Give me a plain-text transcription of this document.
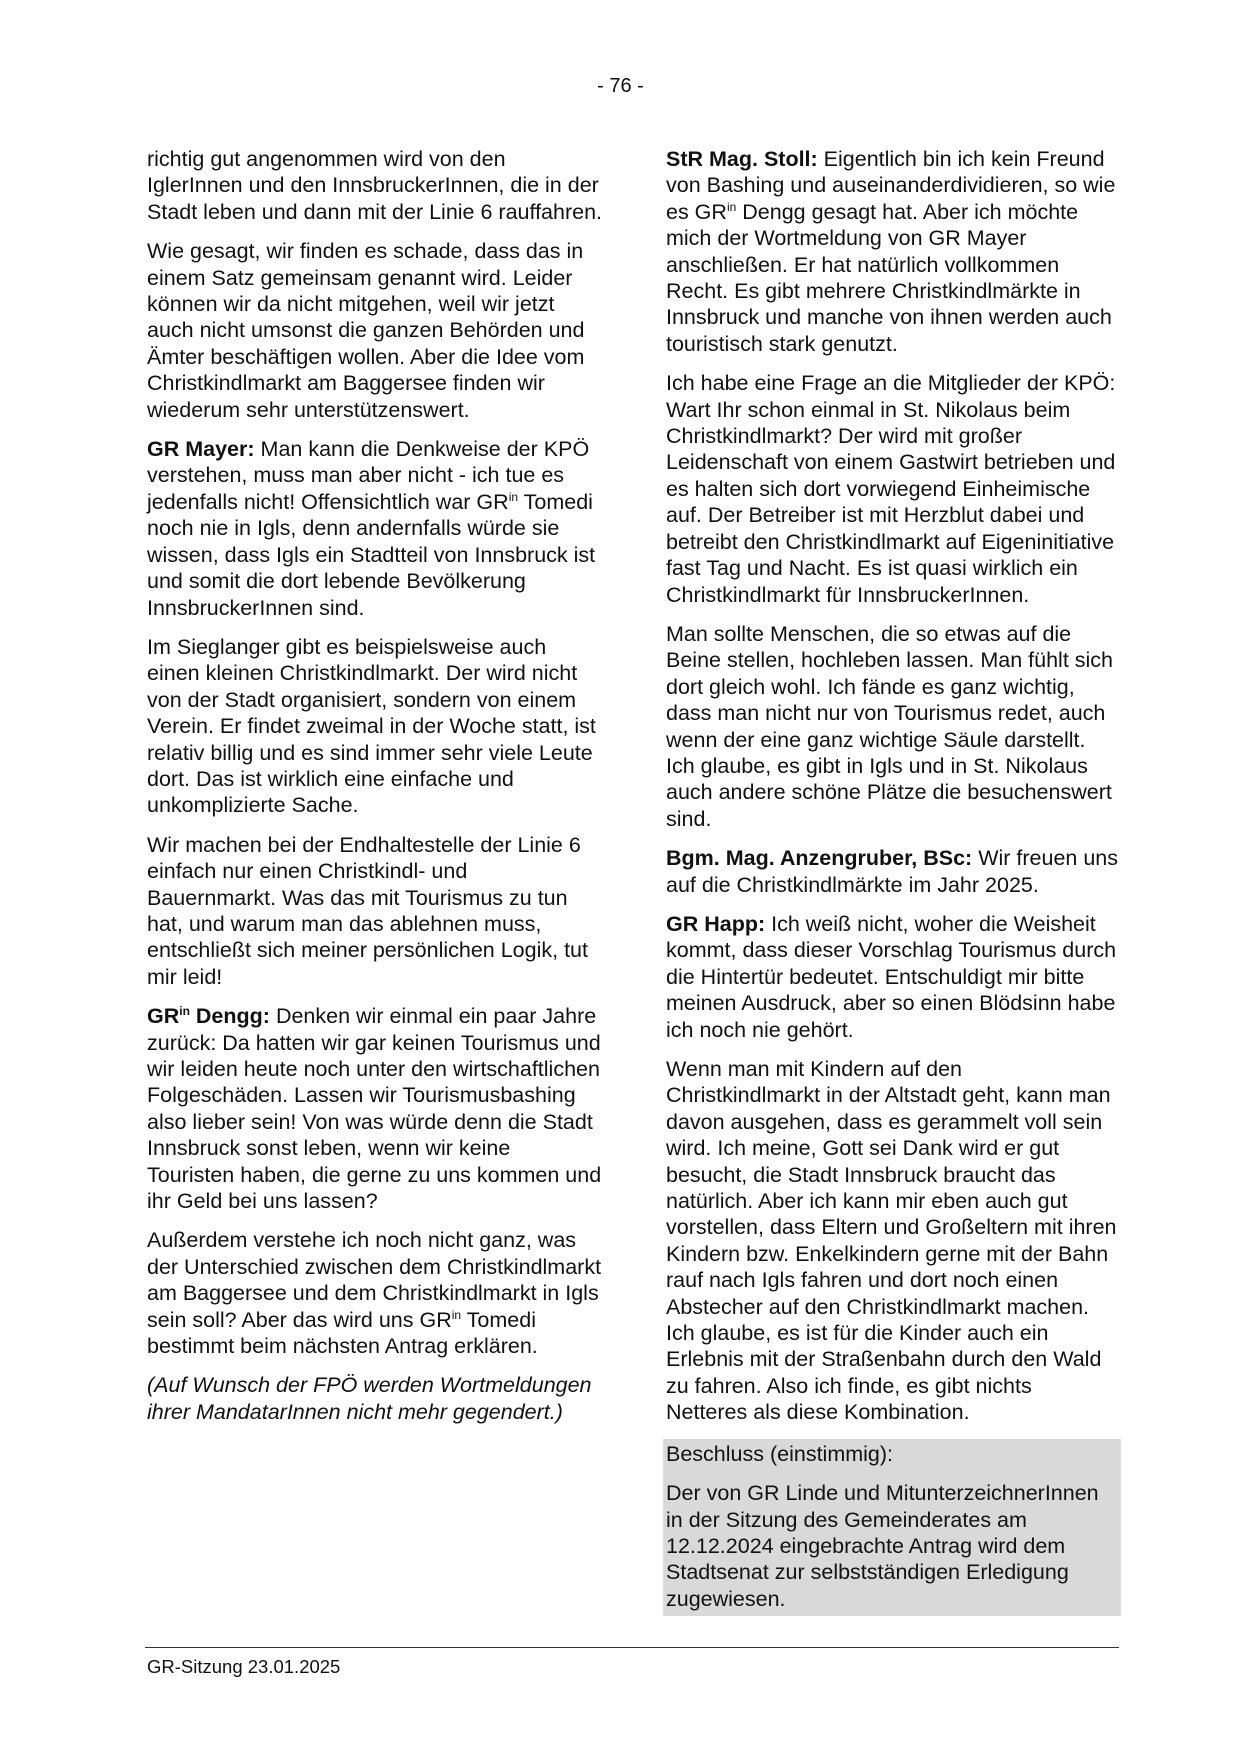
- 76 -

richtig gut angenommen wird von den IglerInnen und den InnsbruckerInnen, die in der Stadt leben und dann mit der Linie 6 rauffahren.

Wie gesagt, wir finden es schade, dass das in einem Satz gemeinsam genannt wird. Leider können wir da nicht mitgehen, weil wir jetzt auch nicht umsonst die ganzen Behörden und Ämter beschäftigen wollen. Aber die Idee vom Christkindlmarkt am Baggersee finden wir wiederum sehr unterstützenswert.

GR Mayer: Man kann die Denkweise der KPÖ verstehen, muss man aber nicht - ich tue es jedenfalls nicht! Offensichtlich war $GR^{in}$ Tomedi noch nie in Igls, denn andernfalls würde sie wissen, dass Igls ein Stadtteil von Innsbruck ist und somit die dort lebende Bevölkerung InnsbruckerInnen sind.

Im Sieglanger gibt es beispielsweise auch einen kleinen Christkindlmarkt. Der wird nicht von der Stadt organisiert, sondern von einem Verein. Er findet zweimal in der Woche statt, ist relativ billig und es sind immer sehr viele Leute dort. Das ist wirklich eine einfache und unkomplizierte Sache.

Wir machen bei der Endhaltestelle der Linie 6 einfach nur einen Christkindl- und Bauernmarkt. Was das mit Tourismus zu tun hat, und warum man das ablehnen muss, entschließt sich meiner persönlichen Logik, tut mir leid!

$GR^{in}$ Dengg: Denken wir einmal ein paar Jahre zurück: Da hatten wir gar keinen Tourismus und wir leiden heute noch unter den wirtschaftlichen Folgeschäden. Lassen wir Tourismusbashing also lieber sein! Von was würde denn die Stadt Innsbruck sonst leben, wenn wir keine Touristen haben, die gerne zu uns kommen und ihr Geld bei uns lassen?

Außerdem verstehe ich noch nicht ganz, was der Unterschied zwischen dem Christkindlmarkt am Baggersee und dem Christkindlmarkt in Igls sein soll? Aber das wird uns $GR^{in}$ Tomedi bestimmt beim nächsten Antrag erklären.

(Auf Wunsch der FPÖ werden Wortmeldungen ihrer MandatarInnen nicht mehr gegendert.)

StR Mag. Stoll: Eigentlich bin ich kein Freund von Bashing und auseinanderdividieren, so wie es $GR^{in}$ Dengg gesagt hat. Aber ich möchte mich der Wortmeldung von GR Mayer anschließen. Er hat natürlich vollkommen Recht. Es gibt mehrere Christkindlmärkte in Innsbruck und manche von ihnen werden auch touristisch stark genutzt.

Ich habe eine Frage an die Mitglieder der KPÖ: Wart Ihr schon einmal in St. Nikolaus beim Christkindlmarkt? Der wird mit großer Leidenschaft von einem Gastwirt betrieben und es halten sich dort vorwiegend Einheimische auf. Der Betreiber ist mit Herzblut dabei und betreibt den Christkindlmarkt auf Eigeninitiative fast Tag und Nacht. Es ist quasi wirklich ein Christkindlmarkt für InnsbruckerInnen.

Man sollte Menschen, die so etwas auf die Beine stellen, hochleben lassen. Man fühlt sich dort gleich wohl. Ich fände es ganz wichtig, dass man nicht nur von Tourismus redet, auch wenn der eine ganz wichtige Säule darstellt. Ich glaube, es gibt in Igls und in St. Nikolaus auch andere schöne Plätze die besuchenswert sind.

Bgm. Mag. Anzengruber, BSc: Wir freuen uns auf die Christkindlmärkte im Jahr 2025.

GR Happ: Ich weiß nicht, woher die Weisheit kommt, dass dieser Vorschlag Tourismus durch die Hintertür bedeutet. Entschuldigt mir bitte meinen Ausdruck, aber so einen Blödsinn habe ich noch nie gehört.

Wenn man mit Kindern auf den Christkindlmarkt in der Altstadt geht, kann man davon ausgehen, dass es gerammelt voll sein wird. Ich meine, Gott sei Dank wird er gut besucht, die Stadt Innsbruck braucht das natürlich. Aber ich kann mir eben auch gut vorstellen, dass Eltern und Großeltern mit ihren Kindern bzw. Enkelkindern gerne mit der Bahn rauf nach Igls fahren und dort noch einen Abstecher auf den Christkindlmarkt machen. Ich glaube, es ist für die Kinder auch ein Erlebnis mit der Straßenbahn durch den Wald zu fahren. Also ich finde, es gibt nichts Netteres als diese Kombination.

Beschluss (einstimmig):

Der von GR Linde und MitunterzeichnerInnen in der Sitzung des Gemeinderates am 12.12.2024 eingebrachte Antrag wird dem Stadtsenat zur selbstständigen Erledigung zugewiesen.

GR-Sitzung 23.01.2025
